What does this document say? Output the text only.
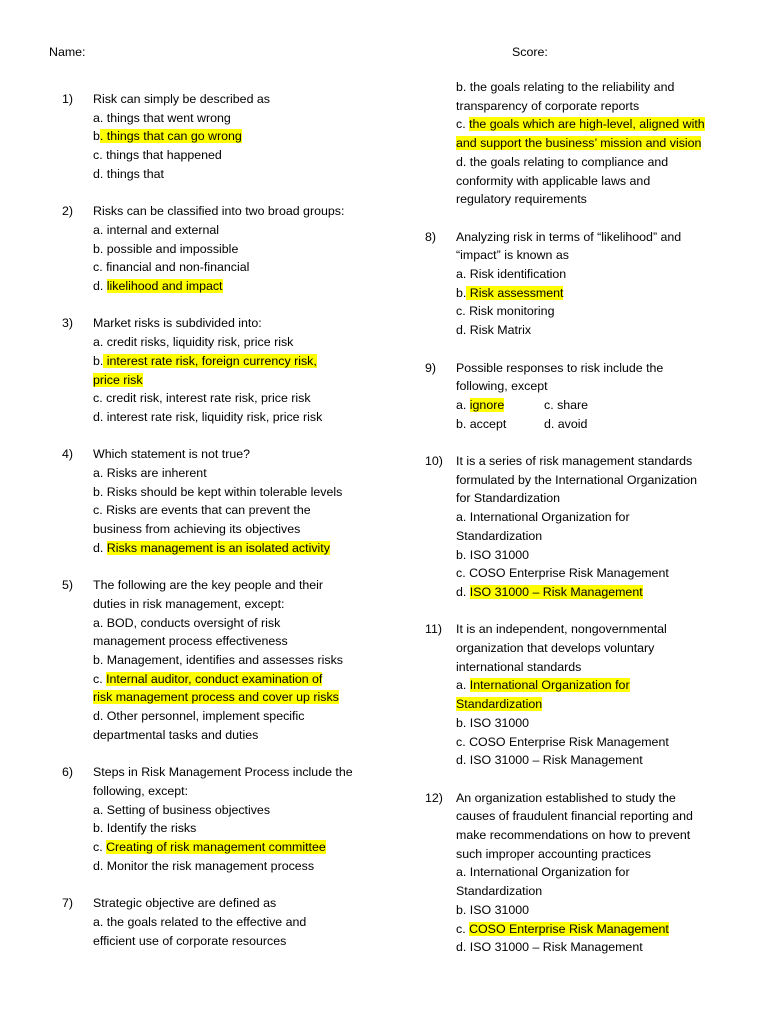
Name:	Score:
1)	Risk can simply be described as
a. things that went wrong
b. things that can go wrong
c. things that happened
d. things that
2)	Risks can be classified into two broad groups:
a. internal and external
b. possible and impossible
c. financial and non-financial
d. likelihood and impact
3)	Market risks is subdivided into:
a. credit risks, liquidity risk, price risk
b. interest rate risk, foreign currency risk,
price risk
c. credit risk, interest rate risk, price risk
d. interest rate risk, liquidity risk, price risk
4)	Which statement is not true?
a. Risks are inherent
b. Risks should be kept within tolerable levels
c. Risks are events that can prevent the
business from achieving its objectives
d. Risks management is an isolated activity
5)	The following are the key people and their
duties in risk management, except:
a. BOD, conducts oversight of risk
management process effectiveness
b. Management, identifies and assesses risks
c. Internal auditor, conduct examination of
risk management process and cover up risks
d. Other personnel, implement specific
departmental tasks and duties
6)	Steps in Risk Management Process include the
following, except:
a. Setting of business objectives
b. Identify the risks
c. Creating of risk management committee
d. Monitor the risk management process
7)	Strategic objective are defined as
a. the goals related to the effective and
efficient use of corporate resources
b. the goals relating to the reliability and
transparency of corporate reports
c. the goals which are high-level, aligned with
and support the business’ mission and vision
d. the goals relating to compliance and
conformity with applicable laws and
regulatory requirements
8)	Analyzing risk in terms of “likelihood” and
“impact” is known as
a. Risk identification
b. Risk assessment
c. Risk monitoring
d. Risk Matrix
9)	Possible responses to risk include the
following, except
a. ignore	c. share
b. accept	d. avoid
10)	It is a series of risk management standards
formulated by the International Organization
for Standardization
a. International Organization for
Standardization
b. ISO 31000
c. COSO Enterprise Risk Management
d. ISO 31000 – Risk Management
11)	It is an independent, nongovernmental
organization that develops voluntary
international standards
a. International Organization for
Standardization
b. ISO 31000
c. COSO Enterprise Risk Management
d. ISO 31000 – Risk Management
12)	An organization established to study the
causes of fraudulent financial reporting and
make recommendations on how to prevent
such improper accounting practices
a. International Organization for
Standardization
b. ISO 31000
c. COSO Enterprise Risk Management
d. ISO 31000 – Risk Management
